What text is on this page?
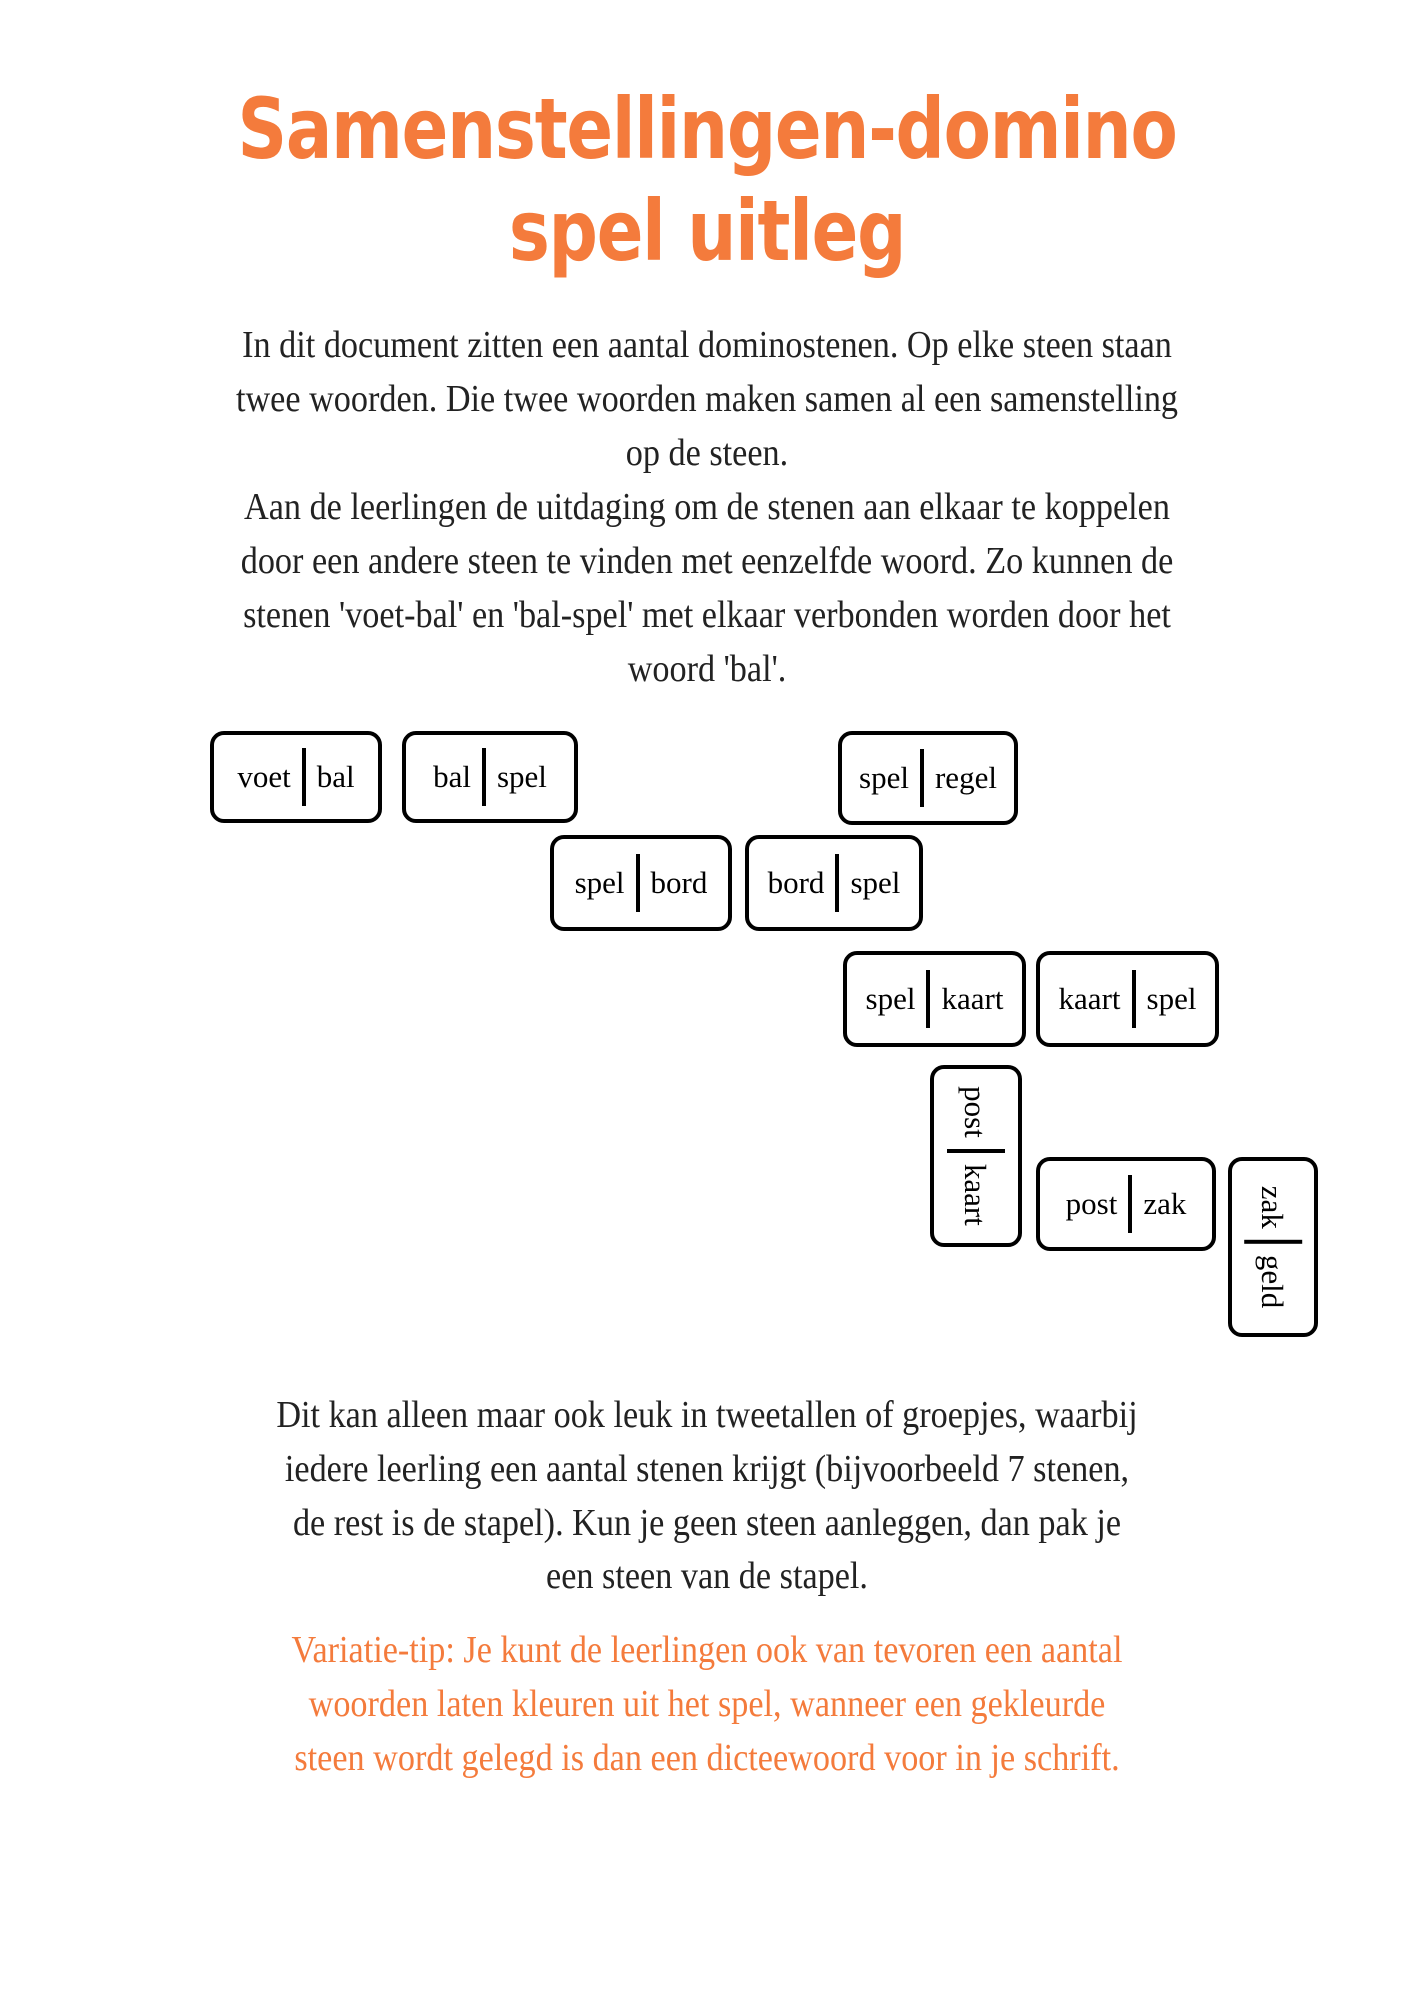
Samenstellingen-domino
spel uitleg

In dit document zitten een aantal dominostenen. Op elke steen staan

twee woorden. Die twee woorden maken samen al een samenstelling

op de steen.

Aan de leerlingen de uitdaging om de stenen aan elkaar te koppelen

door een andere steen te vinden met eenzelfde woord. Zo kunnen de

stenen 'voet-bal' en 'bal-spel' met elkaar verbonden worden door het

woord 'bal'.

voet bal	bal spel	spel regel
spel bord	bord spel
spel kaart	kaart spel
post
kaart	post zak	zak
geld

Dit kan alleen maar ook leuk in tweetallen of groepjes, waarbij

iedere leerling een aantal stenen krijgt (bijvoorbeeld 7 stenen,

de rest is de stapel). Kun je geen steen aanleggen, dan pak je

een steen van de stapel.

Variatie-tip: Je kunt de leerlingen ook van tevoren een aantal

woorden laten kleuren uit het spel, wanneer een gekleurde

steen wordt gelegd is dan een dicteewoord voor in je schrift.
